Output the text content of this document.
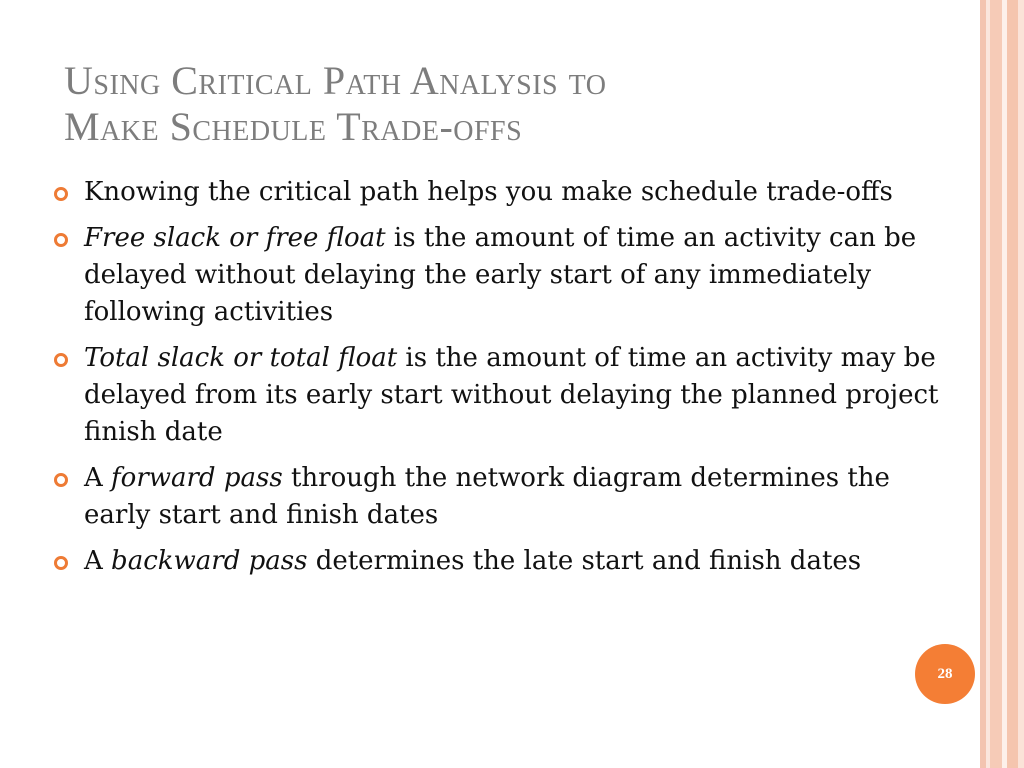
Using Critical Path Analysis to
Make Schedule Trade-offs
Knowing the critical path helps you make schedule trade-offs
Free slack or free float is the amount of time an activity can be delayed without delaying the early start of any immediately following activities
Total slack or total float is the amount of time an activity may be delayed from its early start without delaying the planned project finish date
A forward pass through the network diagram determines the early start and finish dates
A backward pass determines the late start and finish dates
28
